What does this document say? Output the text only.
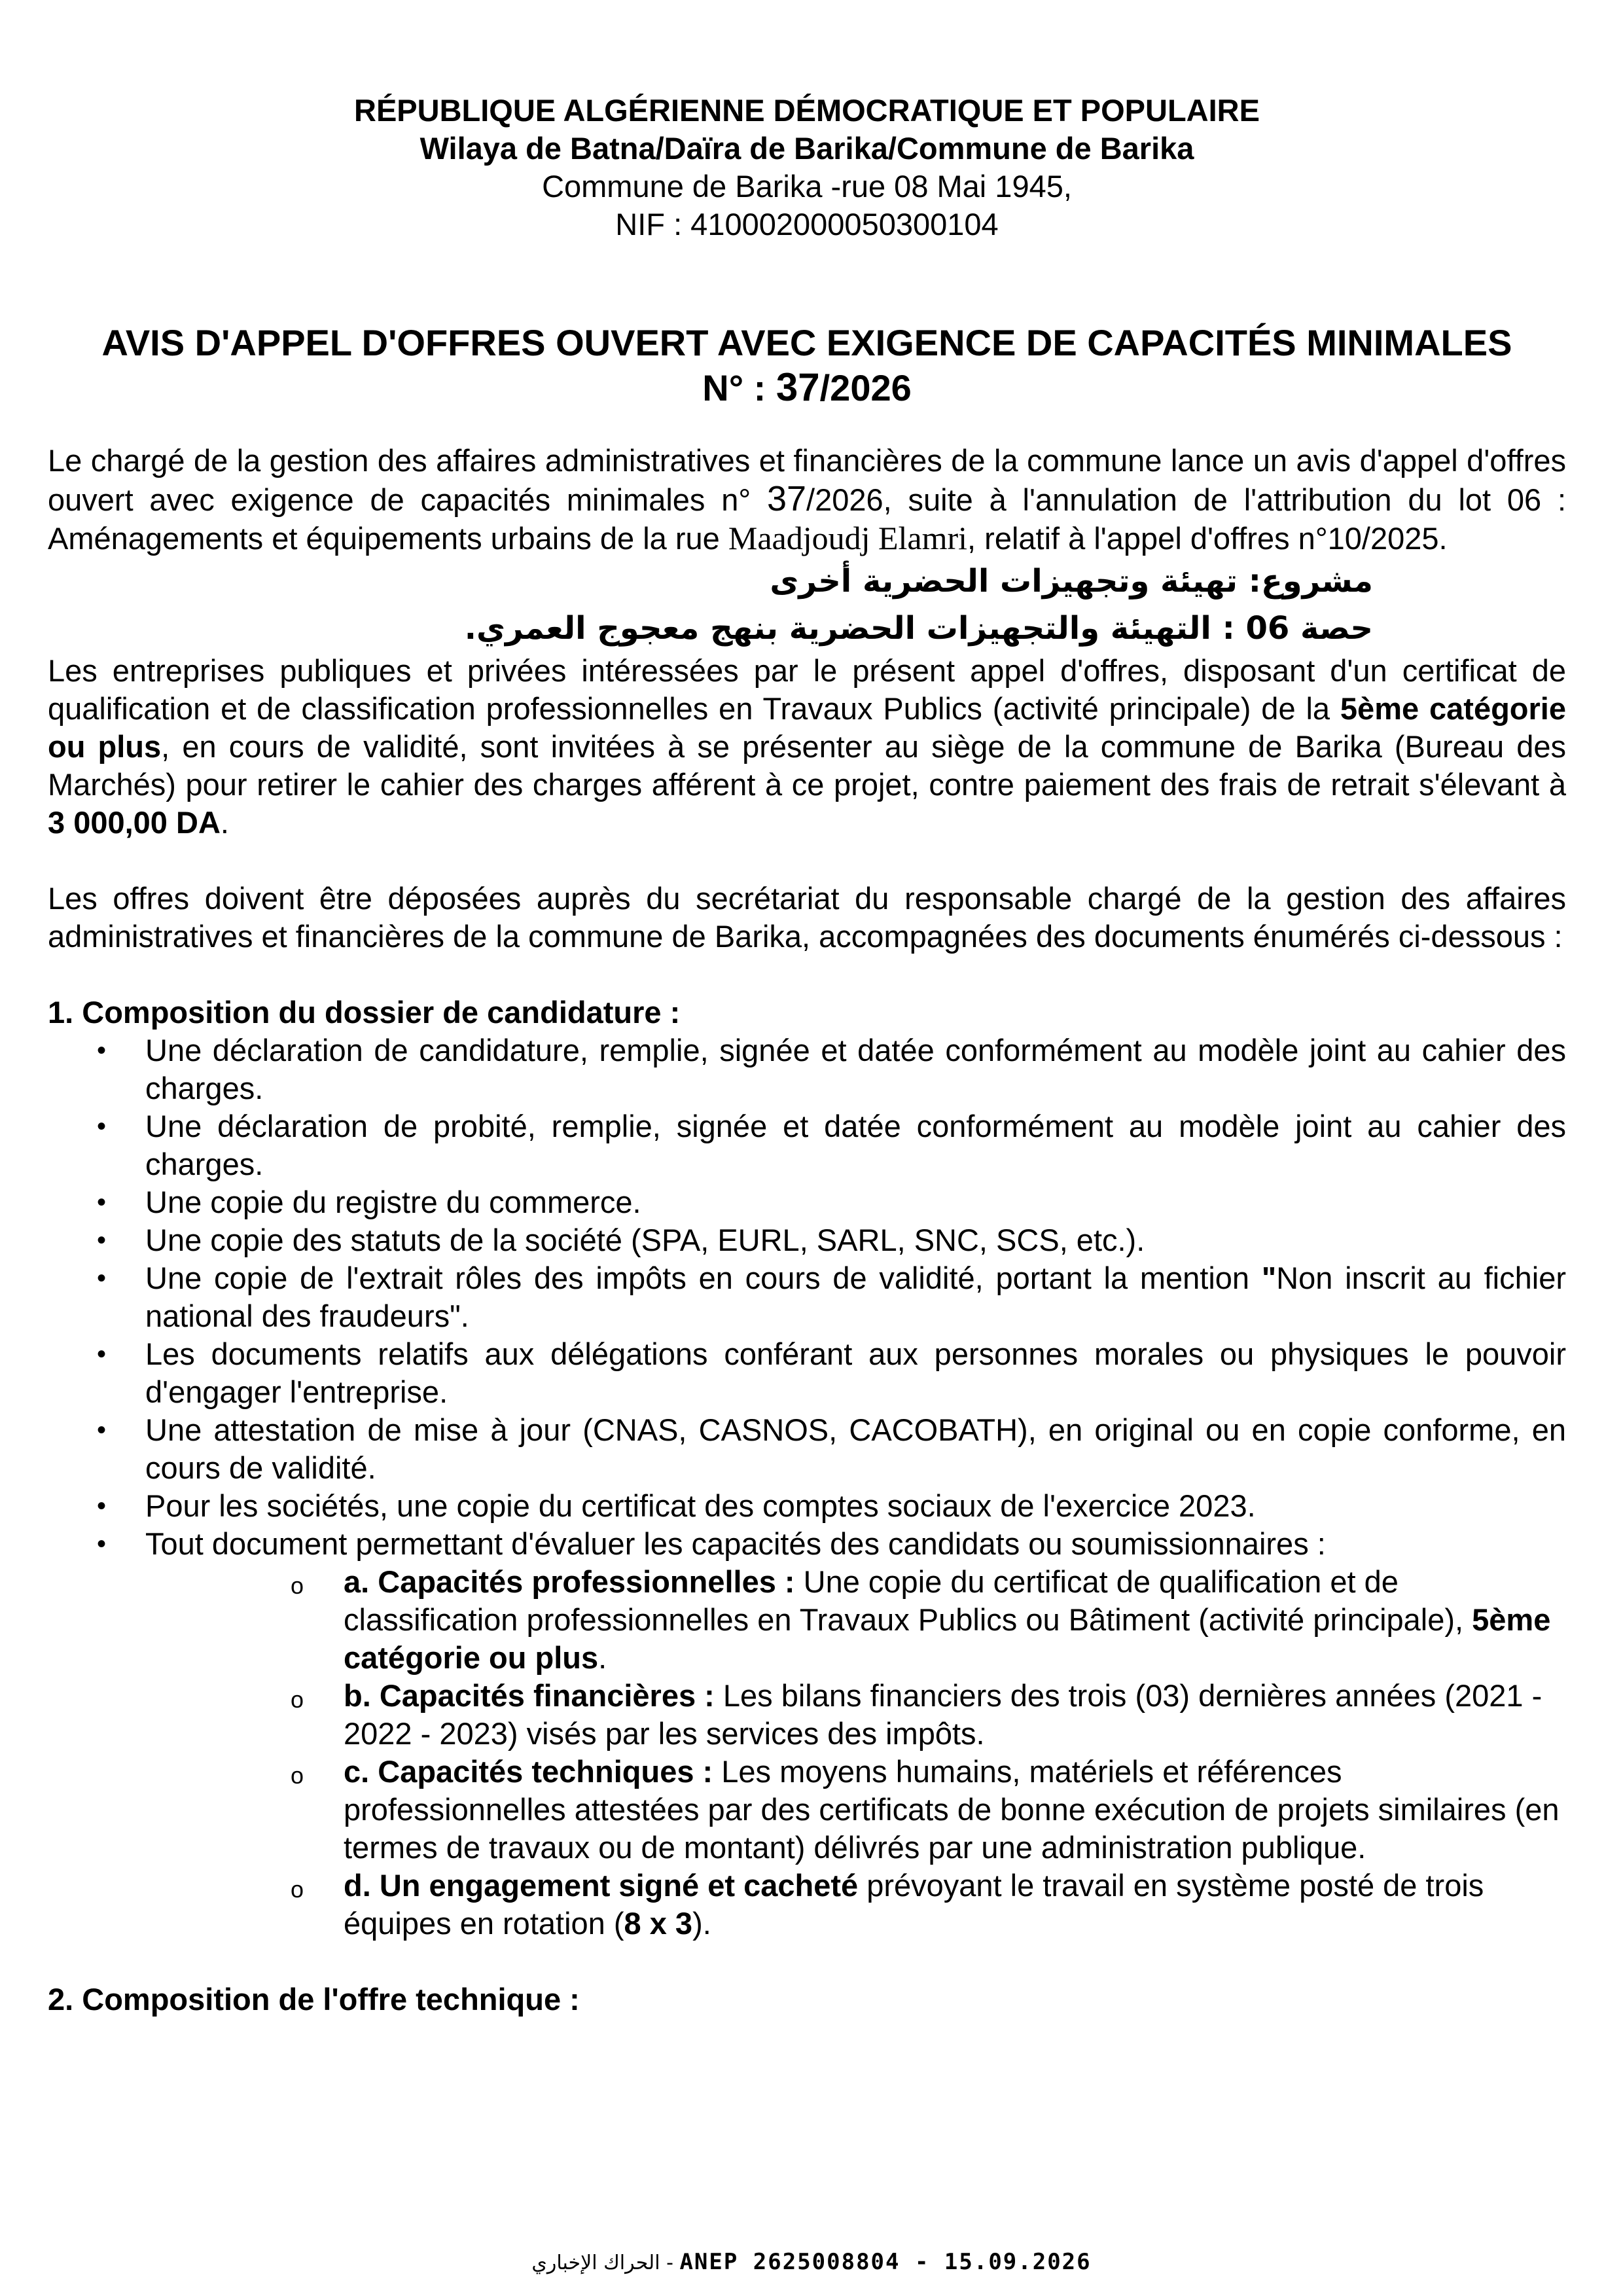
RÉPUBLIQUE ALGÉRIENNE DÉMOCRATIQUE ET POPULAIRE
Wilaya de Batna/Daïra de Barika/Commune de Barika
Commune de Barika -rue 08 Mai 1945,
NIF : 410002000050300104
AVIS D'APPEL D'OFFRES OUVERT AVEC EXIGENCE DE CAPACITÉS MINIMALES
N° : 37/2026

Le chargé de la gestion des affaires administratives et financières de la commune lance un avis d'appel d'offres ouvert avec exigence de capacités minimales n° 37/2026, suite à l'annulation de l'attribution du lot 06 : Aménagements et équipements urbains de la rue Maadjoudj Elamri, relatif à l'appel d'offres n°10/2025.

مشروع: تهيئة وتجهيزات الحضرية أخرى
حصة 06 : التهيئة والتجهيزات الحضرية بنهج معجوج العمري.

Les entreprises publiques et privées intéressées par le présent appel d'offres, disposant d'un certificat de qualification et de classification professionnelles en Travaux Publics (activité principale) de la 5ème catégorie ou plus, en cours de validité, sont invitées à se présenter au siège de la commune de Barika (Bureau des Marchés) pour retirer le cahier des charges afférent à ce projet, contre paiement des frais de retrait s'élevant à 3 000,00 DA.

Les offres doivent être déposées auprès du secrétariat du responsable chargé de la gestion des affaires administratives et financières de la commune de Barika, accompagnées des documents énumérés ci-dessous :

1. Composition du dossier de candidature :

• Une déclaration de candidature, remplie, signée et datée conformément au modèle joint au cahier des charges.
• Une déclaration de probité, remplie, signée et datée conformément au modèle joint au cahier des charges.
• Une copie du registre du commerce.
• Une copie des statuts de la société (SPA, EURL, SARL, SNC, SCS, etc.).
• Une copie de l'extrait rôles des impôts en cours de validité, portant la mention "Non inscrit au fichier national des fraudeurs".
• Les documents relatifs aux délégations conférant aux personnes morales ou physiques le pouvoir d'engager l'entreprise.
• Une attestation de mise à jour (CNAS, CASNOS, CACOBATH), en original ou en copie conforme, en cours de validité.
• Pour les sociétés, une copie du certificat des comptes sociaux de l'exercice 2023.
• Tout document permettant d'évaluer les capacités des candidats ou soumissionnaires :
o a. Capacités professionnelles : Une copie du certificat de qualification et de classification professionnelles en Travaux Publics ou Bâtiment (activité principale), 5ème catégorie ou plus.
o b. Capacités financières : Les bilans financiers des trois (03) dernières années (2021 - 2022 - 2023) visés par les services des impôts.
o c. Capacités techniques : Les moyens humains, matériels et références professionnelles attestées par des certificats de bonne exécution de projets similaires (en termes de travaux ou de montant) délivrés par une administration publique.
o d. Un engagement signé et cacheté prévoyant le travail en système posté de trois équipes en rotation (8 x 3).

2. Composition de l'offre technique :

الحراك الإخباري - ANEP 2625008804 - 15.09.2026
